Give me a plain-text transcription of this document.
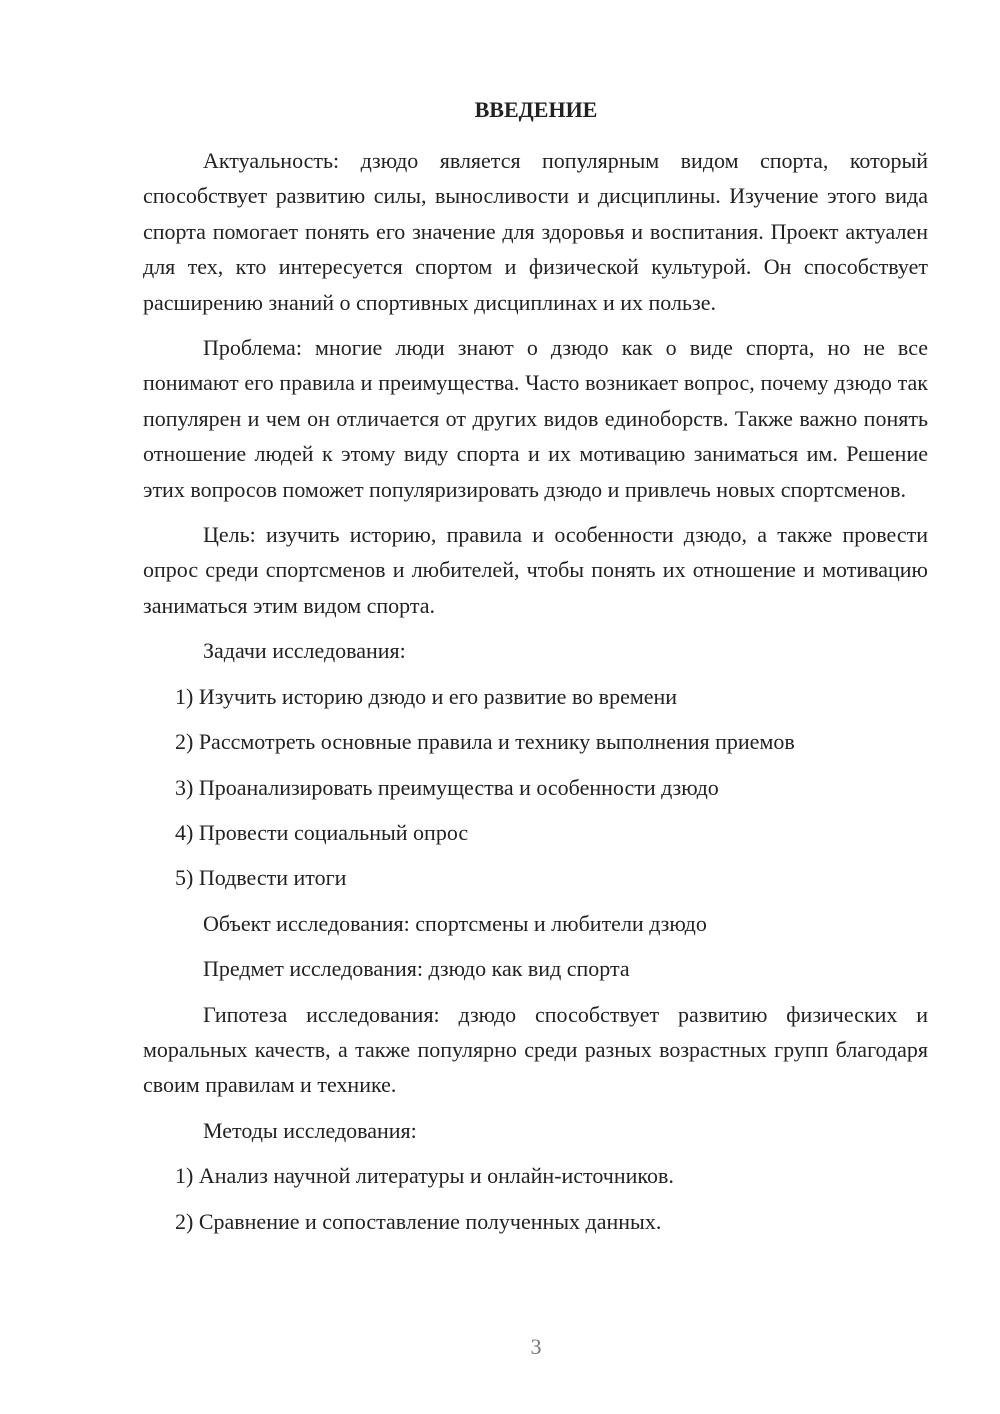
ВВЕДЕНИЕ

Актуальность: дзюдо является популярным видом спорта, который способствует развитию силы, выносливости и дисциплины. Изучение этого вида спорта помогает понять его значение для здоровья и воспитания. Проект актуален для тех, кто интересуется спортом и физической культурой. Он способствует расширению знаний о спортивных дисциплинах и их пользе.

Проблема: многие люди знают о дзюдо как о виде спорта, но не все понимают его правила и преимущества. Часто возникает вопрос, почему дзюдо так популярен и чем он отличается от других видов единоборств. Также важно понять отношение людей к этому виду спорта и их мотивацию заниматься им. Решение этих вопросов поможет популяризировать дзюдо и привлечь новых спортсменов.

Цель: изучить историю, правила и особенности дзюдо, а также провести опрос среди спортсменов и любителей, чтобы понять их отношение и мотивацию заниматься этим видом спорта.

Задачи исследования:

1) Изучить историю дзюдо и его развитие во времени
2) Рассмотреть основные правила и технику выполнения приемов
3) Проанализировать преимущества и особенности дзюдо
4) Провести социальный опрос
5) Подвести итоги

Объект исследования: спортсмены и любители дзюдо

Предмет исследования: дзюдо как вид спорта

Гипотеза исследования: дзюдо способствует развитию физических и моральных качеств, а также популярно среди разных возрастных групп благодаря своим правилам и технике.

Методы исследования:

1) Анализ научной литературы и онлайн-источников.
2) Сравнение и сопоставление полученных данных.
3
